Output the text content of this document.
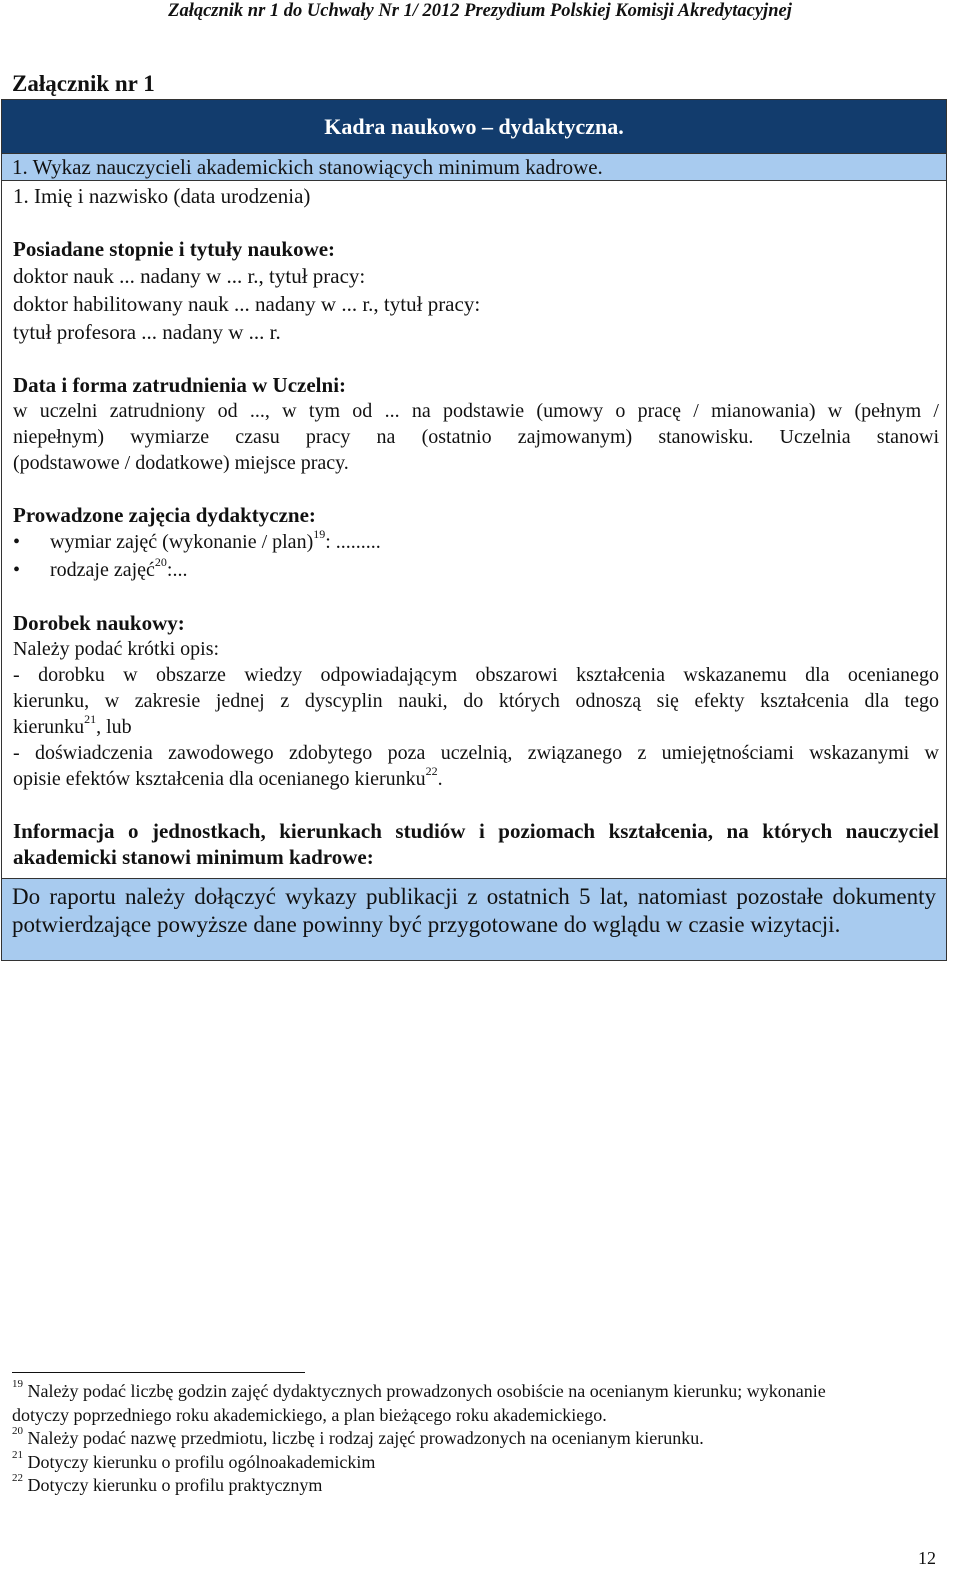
Załącznik nr 1 do Uchwały Nr 1/ 2012 Prezydium Polskiej Komisji Akredytacyjnej
Załącznik nr 1
Kadra naukowo – dydaktyczna.
1. Wykaz nauczycieli akademickich stanowiących minimum kadrowe.

1. Imię i nazwisko (data urodzenia)

Posiadane stopnie i tytuły naukowe:

doktor nauk ... nadany w ... r., tytuł pracy:

doktor habilitowany nauk ... nadany w ... r., tytuł pracy:

tytuł profesora ... nadany w ... r.

Data i forma zatrudnienia w Uczelni:

w uczelni zatrudniony od ..., w tym od ... na podstawie (umowy o pracę / mianowania) w (pełnym /
niepełnym) wymiarze czasu pracy na (ostatnio zajmowanym) stanowisku. Uczelnia stanowi
(podstawowe / dodatkowe) miejsce pracy.

Prowadzone zajęcia dydaktyczne:

• wymiar zajęć (wykonanie / plan)$^{19}$: .........
• rodzaje zajęć$^{20}$:...

Dorobek naukowy:

Należy podać krótki opis:

- dorobku w obszarze wiedzy odpowiadającym obszarowi kształcenia wskazanemu dla ocenianego
kierunku, w zakresie jednej z dyscyplin nauki, do których odnoszą się efekty kształcenia dla tego
kierunku$^{21}$, lub
- doświadczenia zawodowego zdobytego poza uczelnią, związanego z umiejętnościami wskazanymi w
opisie efektów kształcenia dla ocenianego kierunku$^{22}$.
Informacja o jednostkach, kierunkach studiów i poziomach kształcenia, na których nauczyciel
akademicki stanowi minimum kadrowe:
Do raportu należy dołączyć wykazy publikacji z ostatnich 5 lat, natomiast pozostałe dokumenty potwierdzające powyższe dane powinny być przygotowane do wglądu w czasie wizytacji.

$^{19}$ Należy podać liczbę godzin zajęć dydaktycznych prowadzonych osobiście na ocenianym kierunku; wykonanie

dotyczy poprzedniego roku akademickiego, a plan bieżącego roku akademickiego.

$^{20}$ Należy podać nazwę przedmiotu, liczbę i rodzaj zajęć prowadzonych na ocenianym kierunku.

$^{21}$ Dotyczy kierunku o profilu ogólnoakademickim

$^{22}$ Dotyczy kierunku o profilu praktycznym

12
